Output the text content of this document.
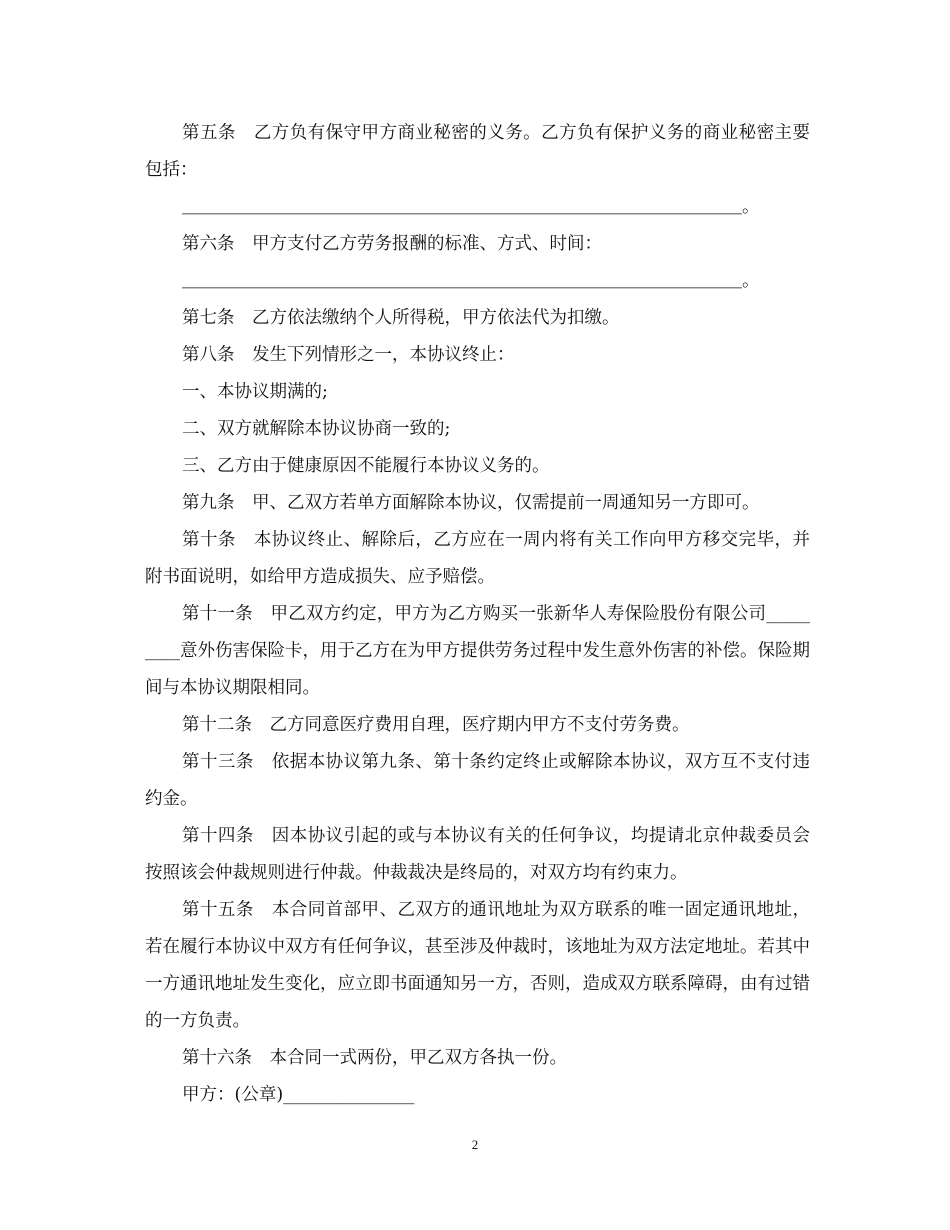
第五条　乙方负有保守甲方商业秘密的义务。乙方负有保护义务的商业秘密主要包括：

＿＿＿＿＿＿＿＿＿＿＿＿＿＿＿＿＿＿＿＿＿＿＿＿＿＿＿＿＿＿＿＿。

第六条　甲方支付乙方劳务报酬的标准、方式、时间：

＿＿＿＿＿＿＿＿＿＿＿＿＿＿＿＿＿＿＿＿＿＿＿＿＿＿＿＿＿＿＿＿。

第七条　乙方依法缴纳个人所得税，甲方依法代为扣缴。

第八条　发生下列情形之一，本协议终止：

一、本协议期满的;

二、双方就解除本协议协商一致的;

三、乙方由于健康原因不能履行本协议义务的。

第九条　甲、乙双方若单方面解除本协议，仅需提前一周通知另一方即可。

第十条　本协议终止、解除后，乙方应在一周内将有关工作向甲方移交完毕，并附书面说明，如给甲方造成损失、应予赔偿。

第十一条　甲乙双方约定，甲方为乙方购买一张新华人寿保险股份有限公司_________意外伤害保险卡，用于乙方在为甲方提供劳务过程中发生意外伤害的补偿。保险期间与本协议期限相同。

第十二条　乙方同意医疗费用自理，医疗期内甲方不支付劳务费。

第十三条　依据本协议第九条、第十条约定终止或解除本协议，双方互不支付违约金。

第十四条　因本协议引起的或与本协议有关的任何争议，均提请北京仲裁委员会按照该会仲裁规则进行仲裁。仲裁裁决是终局的，对双方均有约束力。

第十五条　本合同首部甲、乙双方的通讯地址为双方联系的唯一固定通讯地址，若在履行本协议中双方有任何争议，甚至涉及仲裁时，该地址为双方法定地址。若其中一方通讯地址发生变化，应立即书面通知另一方，否则，造成双方联系障碍，由有过错的一方负责。

第十六条　本合同一式两份，甲乙双方各执一份。

甲方：(公章)_______________

2
